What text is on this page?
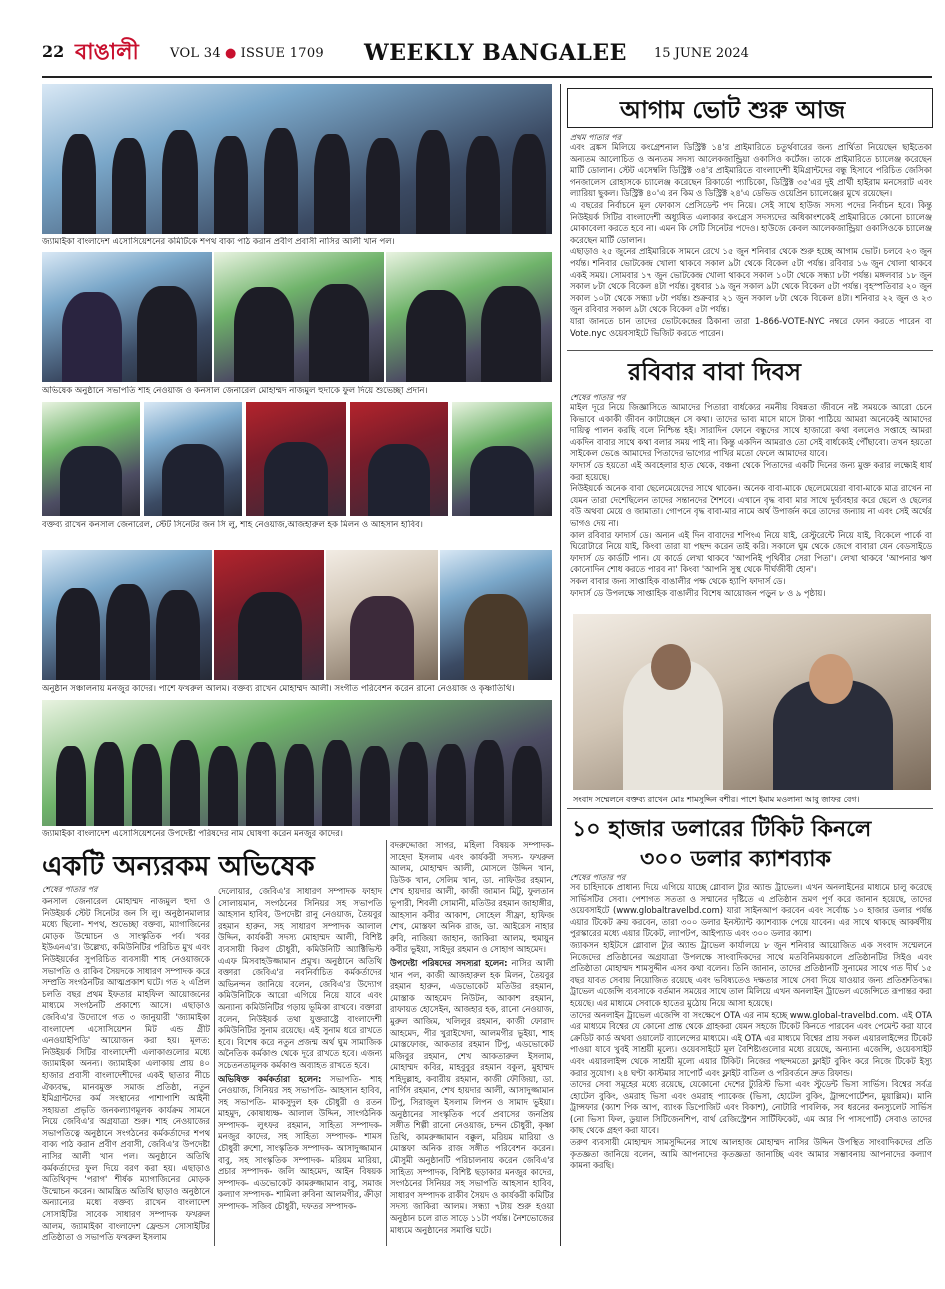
22 বাঙালী	VOL 34 ● ISSUE 1709 WEEKLY BANGALEE 15 JUNE 2024
জ্যামাইকা বাংলাদেশ এসোসিয়েশনের কমিটিকে শপথ বাক্য পাঠ করান প্রবীণ প্রবাসী নাসির আলী খান পল।
অভিষেক অনুষ্ঠানে সভাপতি শাহ নেওয়াজ ও কনসাল জেনারেল মোহাম্মদ নাজমুল হুদাকে ফুল দিয়ে শুভেচ্ছা প্রদান।
বক্তব্য রাখেন কনসাল জেনারেল, স্টেট সিনেটর জন সি লু, শাহ নেওয়াজ,আজহারুল হক মিলন ও আহসান হাবিব।
অনুষ্ঠান সঞ্চালনায় মনজুর কাদের। পাশে ফখরুল আলম। বক্তব্য রাখেন মোহাম্মদ আলী। সংগীত পরিবেশন করেন রানো নেওয়াজ ও কৃষ্ণাতিথি।
জ্যামাইকা বাংলাদেশ এসোসিয়েশনের উপদেষ্টা পরিষদের নাম ঘোষণা করেন মনজুর কাদের।
একটি অন্যরকম অভিষেক
শেষের পাতার পর

কনসাল জেনারেল মোহাম্মদ নাজমুল হুদা ও নিউইয়র্ক স্টেট সিনেটর জন সি লু। অনুষ্ঠানমালার মধ্যে ছিলো- শপথ, শুভেচ্ছা বক্তব্য, ম্যাগাজিনের মোড়ক উন্মোচন ও সাংস্কৃতিক পর্ব। খবর ইউএনএ'র। উল্লেখ্য, কমিউনিটির পরিচিত মুখ এবং নিউইয়র্কের সুপরিচিত ব্যবসায়ী শাহ নেওয়াজকে সভাপতি ও রাকিব সৈয়দকে সাধারণ সম্পাদক করে সম্প্রতি সংগঠনটির আত্মপ্রকাশ ঘটে। গত ২ এপ্রিল চলতি বছর প্রথম ইফতার মাহফিল আয়োজনের মাধ্যমে সংগঠনটি প্রকাশ্যে আসে। এছাড়াও জেবিএ'র উদ্যোগে গত ৩ জানুয়ারী 'জ্যামাইকা বাংলাদেশ এসোসিয়েশন মিট এন্ড গ্রীট এনওয়াইপিডি' আয়োজন করা হয়। মূলত: নিউইয়র্ক সিটির বাংলাদেশী এলাকাগুলোর মধ্যে জ্যামাইকা অনন্য। জ্যামাইকা এলাকায় প্রায় ৪০ হাজার প্রবাসী বাংলাদেশীদের একই ছাতার নীচে ঐক্যবদ্ধ, মানবমুক্ত সমাজ প্রতিষ্ঠা, নতুন ইমিগ্রান্টদের কর্ম সংস্থানের পাশাপাশি আইনী সহায়তা প্রভৃতি জনকল্যাণমূলক কার্যক্রম সামনে নিয়ে জেবিএ'র অগ্রযাত্রা শুরু। শাহ নেওয়াজের সভাপতিত্বে অনুষ্ঠানে সংগঠনের কর্মকর্তাদের শপথ বাক্য পাঠ করান প্রবীণ প্রবাসী, জেবিএ'র উপদেষ্টা নাসির আলী খান পল। অনুষ্ঠানে অতিথি কর্মকর্তাদের ফুল দিয়ে বরণ করা হয়। এছাড়াও অতিথিবৃন্দ 'পরাগ' শীর্ষক ম্যাগাজিনের মোড়ক উন্মোচন করেন। আমন্ত্রিত অতিথি ছাড়াও অনুষ্ঠানে অন্যান্যের মধ্যে বক্তব্য রাখেন বাংলাদেশ সোসাইটির সাবেক সাধারণ সম্পাদক ফখরুল আলম, জ্যামাইকা বাংলাদেশ ফ্রেন্ডস সোসাইটির প্রতিষ্ঠাতা ও সভাপতি ফখরুল ইসলাম

দেলোয়ার, জেবিএ'র সাধারণ সম্পাদক ফাহাদ সোলায়মান, সংগঠনের সিনিয়র সহ সভাপতি আহসান হাবিব, উপদেষ্টা রানু নেওয়াজ, তৈয়বুর রহমান হারুন, সহ সাধারণ সম্পাদক আলাল উদ্দিন, কার্যকরী সদস্য মোহাম্মদ আলী, বিশিষ্ট ব্যবসায়ী কিরণ চৌধুরী, কমিউনিটি অ্যাক্টিভিস্ট এএফ মিসবাহউজ্জামান প্রমুখ। অনুষ্ঠানে অতিথি বক্তারা জেবিএ'র নবনির্বাচিত কর্মকর্তাদের অভিনন্দন জানিয়ে বলেন, জেবিএ'র উদ্যোগ কমিউনিটিকে আরো এগিয়ে নিয়ে যাবে এবং অন্যান্য কমিউনিটির গড়ায় ভূমিকা রাখবে। বক্তারা বলেন, নিউইয়র্ক তথা যুক্তরাষ্ট্রে বাংলাদেশী কমিউনিটির সুনাম রয়েছে। এই সুনাম ধরে রাখতে হবে। বিশেষ করে নতুন প্রজন্ম অর্থ ঘুম সামাজিক অনৈতিক কর্মকাণ্ড থেকে দূরে রাখতে হবে। এজন্য সচেতনতামূলক কর্মকাণ্ড অব্যাহত রাখতে হবে।

অভিষিক্ত কর্মকর্তারা হলেন: সভাপতি- শাহ নেওয়াজ, সিনিয়র সহ সভাপতি- আহসান হাবিব, সহ সভাপতি- মাকসুদুল হক চৌধুরী ও রতন মাহমুদ, কোষাধ্যক্ষ- আলাল উদ্দিন, সাংগঠনিক সম্পাদক- লুৎফর রহমান, সাহিত্য সম্পাদক- মনজুর কাদের, সহ সাহিত্য সম্পাদক- শামস চৌধুরী রুশো, সাংস্কৃতিক সম্পাদক- আসাদুজ্জামান বাবু, সহ সাংস্কৃতিক সম্পাদক- মরিয়ম মারিয়া, প্রচার সম্পাদক- জলি আহমেদ, আইন বিষয়ক সম্পাদক- এডভোকেট কামরুজ্জামান বাবু, সমাজ কল্যাণ সম্পাদক- শামিলা রুবিনা আলমগীর, ক্রীড়া সম্পাদক- সজিব চৌধুরী, দফতর সম্পাদক-

বদরুদ্দোজা সাগর, মহিলা বিষয়ক সম্পাদক- সাহেদা ইসলাম এবং কার্যকরী সদস্য- ফখরুল আলম, মোহাম্মদ আলী, মোসলে উদ্দিন খান, ডিউক খান, সেলিম খান, ডা. নাফিউর রহমান, শেখ হায়দার আলী, কাজী জামান মিটু, ফুলতান ভূপারী, শিবলী সোমানী, মতিউর রহমান জাহাঙ্গীর, আহসান কবীর আকাশ, সোহেল সীফ্রা, হাফিজ শেখ, মোস্তফা অনিক রাজ, ডা. আইরেস নাহার রুবি, নাজিয়া জাহান, জাকিরা আলম, হুমায়ুন কবীর ভুইয়া, সাইদুর রহমান ও সোহাগ আহমেদ।

উপদেষ্টা পরিষদের সদস্যরা হলেন: নাসির আলী খান পল, কাজী আজহারুল হক মিলন, তৈয়বুর রহমান হারুন, এডভোকেট মতিউর রহমান, মোস্তাক আহমেদ নিউটন, আকাশ রহমান, রাফায়ত হোসেইন, আজহার হক, রানো নেওয়াজ, মুরুল আজিম, খলিলুর রহমান, কাজী ফোরাদ আহমেদ, পীর খুরাইখেদা, আলমগীর ভুইয়া, শাহ মোস্তফোজ, আকতার রহমান টিপু, এডভোকেট মজিবুর রহমান, শেখ আকতারুল ইসলাম, মোহাম্মদ কবির, মাহবুবুর রহমান বকুল, মুহাম্মদ শহিদুল্লাহ, কবারীয় রহমান, কাজী ফৌজিয়া, ডা. নার্গিস রহমান, শেখ হায়দার আলী, আসাদুজ্জামান টিপু, সিরাজুল ইসলাম লিপন ও সামাদ ভুইয়া। অনুষ্ঠানের সাংস্কৃতিক পর্বে প্রবাসের জনপ্রিয় সঙ্গীত শিল্পী রানো নেওয়াজ, চন্দন চৌধুরী, কৃষ্ণা তিথি, কামরুজ্জামান বক্কুল, মরিয়ম মারিয়া ও মোস্তফা অনিক রাজ সঙ্গীত পরিবেশন করেন। মৌসুমী অনুষ্ঠানটি পরিচালনায় করেন জেবিএ'র সাহিত্য সম্পাদক, বিশিষ্ট ছড়াকার মনজুর কাদের, সংগঠনের সিনিয়র সহ সভাপতি আহসান হাবিব, সাধারণ সম্পাদক রাকীব সৈয়দ ও কার্যকরী কমিটির সদস্য জাকিরা আলম। সন্ধ্যা ৭টায় শুরু হওয়া অনুষ্ঠান চলে রাত সাড়ে ১১টা পর্যন্ত। নৈশভোজের মাধ্যমে অনুষ্ঠানের সমাপ্তি ঘটে।

আগাম ভোট শুরু আজ
প্রথম পাতার পর

এবং ব্রঙ্কস মিলিয়ে কংগ্রেশনাল ডিস্ট্রিক্ট ১৪'র প্রাইমারিতে চতুর্থবারের জন্য প্রার্থিতা নিয়েছেন ছাইতেকা অন্যতম আলোচিত ও অন্যতম সদস্য আলেকজান্ড্রিয়া ওকাসিও কর্টেজ। তাকে প্রাইমারিতে চ্যালেঞ্জ করেছেন মার্টি ডোলান। স্টেট এসেম্বলি ডিস্ট্রিক্ট ৩৪'র প্রাইমারিতে বাংলাদেশী ইমিগ্রান্টদের বন্ধু হিসাবে পরিচিত জেসিকা গনজালেস রোহাসকে চ্যালেঞ্জ করেছেন রিকার্ডো প্যাচিকো, ডিস্ট্রিক্ট ৩৫'এর দুই প্রার্থী হাইরাম মনসেরাট এবং ল্যারিয়া ছুকল। ডিস্ট্রিক্ট ৪০'এ রন কিম ও ডিস্ট্রিক্ট ২৪'এ ডেভিড ওয়েপ্রিন চ্যালেঞ্জের মুখে রয়েছেন।

এ বছরের নির্বাচনে মূল ফোকাস প্রেসিডেন্ট পদ নিয়ে। সেই সাথে হাউজ সদস্য পদের নির্বাচন হবে। কিন্তু নিউইয়র্ক সিটির বাংলাদেশী অধ্যুষিত এলাকার কংগ্রেস সদস্যদের অধিকাংশকেই প্রাইমারিতে কোনো চ্যালেঞ্জ মোকাবেলা করতে হবে না। এমন কি সেটি সিনেটর পদেও। হাউজে কেবল আলেকজান্ড্রিয়া ওকাসিওকে চ্যালেঞ্জ করেছেন মার্টি ডোলান।

এছাড়াও ২৫ জুনের প্রাইমারিকে সামনে রেখে ১৫ জুন শনিবার থেকে শুরু হচ্ছে আগাম ভোট। চলবে ২৩ জুন পর্যন্ত। শনিবার ভোটকেন্দ্র খোলা থাকবে সকাল ৯টা থেকে বিকেল ৫টা পর্যন্ত। রবিবার ১৬ জুন খোলা থাকবে একই সময়। সোমবার ১৭ জুন ভোটকেন্দ্র খোলা থাকবে সকাল ১০টা থেকে সন্ধ্যা ৮টা পর্যন্ত। মঙ্গলবার ১৮ জুন সকাল ৮টা থেকে বিকেল ৪টা পর্যন্ত। বুধবার ১৯ জুন সকাল ৯টা থেকে বিকেল ৫টা পর্যন্ত। বৃহস্পতিবার ২০ জুন সকাল ১০টা থেকে সন্ধ্যা ৮টা পর্যন্ত। শুক্রবার ২১ জুন সকাল ৮টা থেকে বিকেল ৪টা। শনিবার ২২ জুন ও ২৩ জুন রবিবার সকাল ৯টা থেকে বিকেল ৫টা পর্যন্ত।

যারা জানতে চান তাদের ভোটকেন্দ্রের ঠিকানা তারা 1-866-VOTE-NYC নম্বরে ফোন করতে পারেন বা Vote.nyc ওয়েবসাইটে ভিজিট করতে পারেন।

রবিবার বাবা দিবস
শেষের পাতার পর

মাইল দূরে নিয়ে জিজ্ঞাসিতে আমাদের পিতারা বার্ধক্যের নমনীয় বিষন্নতা জীবনে নষ্ট সময়কে আরো চেনে কিভাবে একাকী জীবন কাটাচ্ছেন সে কথা। তাদের ভাব্য মাসে মাসে টাকা পাঠিয়ে আমরা অনেকেই আমাদের দায়িত্ব পালন করছি বলে নিশ্চিন্ত হই। সারাদিন ফোনে বন্ধুদের সাথে হাজারো কথা বললেও সপ্তাহে আমরা একদিন বাবার সাথে কথা বলার সময় পাই না। কিন্তু একদিন আমরাও তো সেই বার্ধক্যেই পৌঁছাবো। তখন হয়তো সাইকেল ভেঙে আমাদের পিতাদের ভাগ্যের পাখির মতো ফেলে আমাদের যাবে।

ফাদার্স ডে হয়তো এই অবহেলার হাত থেকে, বঞ্চনা থেকে পিতাদের একটি দিনের জন্য মুক্ত করার লক্ষ্যেই ধার্য করা হয়েছে।

নিউইয়র্কে অনেক বাবা ছেলেমেয়েদের সাথে থাকেন। অনেক বাবা-মাকে ছেলেমেয়েরা বাবা-মাকে মাত্র রাখেন না যেমন তারা দেশেছিলেন তাদের সন্তানদের শৈশবে। এখানে বৃদ্ধ বাবা মার সাথে দুর্ব্যবহার করে ছেলে ও ছেলের বউ অথবা মেয়ে ও জামাতা। গোপনে বৃদ্ধ বাবা-মার নামে অর্থ উপার্জন করে তাদের জন্যায় না এবং সেই অর্থের ভাগও দেয় না।

কাল রবিবার ফাদার্স ডে। অন্যন এই দিন বাবাদের শপিংএ নিয়ে যাই, রেস্টুরেন্টে নিয়ে যাই, বিকেলে পার্কে বা ঘিরোটারে নিয়ে যাই, কিংবা তারা যা পছন্দ করেন তাই করি। সকালে ঘুম থেকে জেগে বাবারা যেন বেডসাইডে ফাদার্স ডে কার্ডটি পান। যে কার্ডে লেখা থাকবে 'আপনিই পৃথিবীর সেরা পিতা'। লেখা থাকবে 'আপনার ঋণ কোনোদিন শোধ করতে পারব না' কিংবা 'আপনি সুস্থ থেকে দীর্ঘজীবী হোন'।

সকল বাবার জন্য সাপ্তাহিক বাঙালীর পক্ষ থেকে হ্যাপি ফাদার্স ডে।

ফাদার্স ডে উপলক্ষে সাপ্তাহিক বাঙালীর বিশেষ আয়োজন পড়ুন ৮ ও ৯ পৃষ্ঠায়।

সংবাদ সম্মেলনে বক্তব্য রাখেন মোঃ শামসুদ্দিন বশীর। পাশে ইমাম মওলানা আবু জাফর বেগ।
১০ হাজার ডলারের টিকিট কিনলে
৩০০ ডলার ক্যাশব্যাক
শেষের পাতার পর

সব চাহিদাকে প্রাধান্য দিয়ে এগিয়ে যাচ্ছে গ্লোবাল ট্যুর অ্যান্ড ট্রাভেল। এখন অনলাইনের মাধ্যমে চালু করেছে সার্ভিসটির সেবা। পেশাগত সততা ও সম্মানের দৃষ্টিতে এ প্রতিষ্ঠান ভ্রমণ পূর্ণ করে জানান হয়েছে, তাদের ওয়েবসাইটে (www.globaltravelbd.com) যারা সাইনআপ করবেন এবং সর্বোচ্চ ১০ হাজার ডলার পর্যন্ত এয়ার টিকেট ক্রয় করবেন, তারা ৩০০ ডলার ইনস্ট্যান্ট ক্যাশব্যাক পেয়ে যাবেন। এর সাথে থাকছে আকর্ষণীয় পুরস্কারের মধ্যে এয়ার টিকেট, ল্যাপটপ, আইপ্যাড এবং ৩০০ ডলার ক্যাশ।

জ্যাকসন হাইটসে গ্লোবাল ট্যুর অ্যান্ড ট্রাভেল কার্যালয়ে ৮ জুন শনিবার আয়োজিত এক সংবাদ সম্মেলনে নিজেদের প্রতিষ্ঠানের অগ্রযাত্রা উপলক্ষে সাংবাদিকদের সাথে মতবিনিময়কালে প্রতিষ্ঠানটির সিইও এবং প্রতিষ্ঠাতা মোহাম্মদ শামসুদ্দীন এসব কথা বলেন। তিনি জানান, তাদের প্রতিষ্ঠানটি সুনামের সাথে গত দীর্ঘ ১৫ বছর যাবত সেবায় নিয়োজিত রয়েছে এবং ভবিষ্যতেও দক্ষতার সাথে সেবা দিয়ে যাওয়ার জন্য প্রতিশ্রুতিবদ্ধ। ট্রাভেল এজেন্সি ব্যবসাকে বর্তমান সময়ের সাথে তাল মিলিয়ে এখন অনলাইন ট্রাভেল এজেন্সিতে রূপান্তর করা হয়েছে। এর মাধ্যমে সেবাকে হাতের মুঠোয় নিয়ে আসা হয়েছে।

তাদের অনলাইন ট্রাভেল এজেন্সি বা সংক্ষেপে OTA এর নাম হচ্ছে www.global-travelbd.com. এই OTA এর মাধ্যমে বিশ্বের যে কোনো প্রান্ত থেকে গ্রাহকরা যেমন সহজে টিকেট কিনতে পারবেন এবং পেমেন্ট করা যাবে ক্রেডিট কার্ড অথবা ওয়ালেট ব্যালেন্সের মাধ্যমে। এই OTA এর মাধ্যমে বিশ্বের প্রায় সকল এয়ারলাইন্সের টিকেট পাওয়া যাবে খুবই সাশ্রয়ী মূল্যে। ওয়েবসাইটে মূল বৈশিষ্ট্যগুলোর মধ্যে রয়েছে, অন্যান্য এজেন্সি, ওয়েবসাইট এবং এয়ারলাইন্স থেকে সাশ্রয়ী মূল্যে এয়ার টিকিট। নিজের পছন্দমতো ফ্লাইট বুকিং করে নিজে টিকেট ইস্যু করার সুযোগ। ২৪ ঘণ্টা কাস্টমার সাপোর্ট এবং ফ্লাইট বাতিল ও পরিবর্তনে দ্রুত রিফান্ড।

তাদের সেবা সমূহের মধ্যে রয়েছে, যেকোনো দেশের ট্যুরিস্ট ভিসা এবং স্টুডেন্ট ভিসা সার্ভিস। বিশ্বের সর্বত্র হোটেল বুকিং, ওমরাহ ভিসা এবং ওমরাহ প্যাকেজ (ভিসা, হোটেল বুকিং, ট্রান্সপোর্টেশন, মুয়াল্লিম)। মানি ট্রান্সফার (ক্যাশ পিক আপ, ব্যাংক ডিপোজিট এবং বিকাশ), নোটারি পাবলিক, সব ধরনের কনস্যুলেট সার্ভিস (নো ভিসা ফিল, ডুয়াল সিটিজেনশিপ, বার্থ রেজিস্ট্রেশন সার্টিফিকেট, এম আর পি পাসপোর্ট) সেবাও তাদের কাছ থেকে গ্রহণ করা যাবে।

তরুণ ব্যবসায়ী মোহাম্মদ সামসুদ্দিনের সাথে আলহাজ মোহাম্মদ নাসির উদ্দিন উপস্থিত সাংবাদিকদের প্রতি কৃতজ্ঞতা জানিয়ে বলেন, আমি আপনাদের কৃতজ্ঞতা জানাচ্ছি এবং আমার সম্ভাবনায় আপনাদের কল্যাণ কামনা করছি।
